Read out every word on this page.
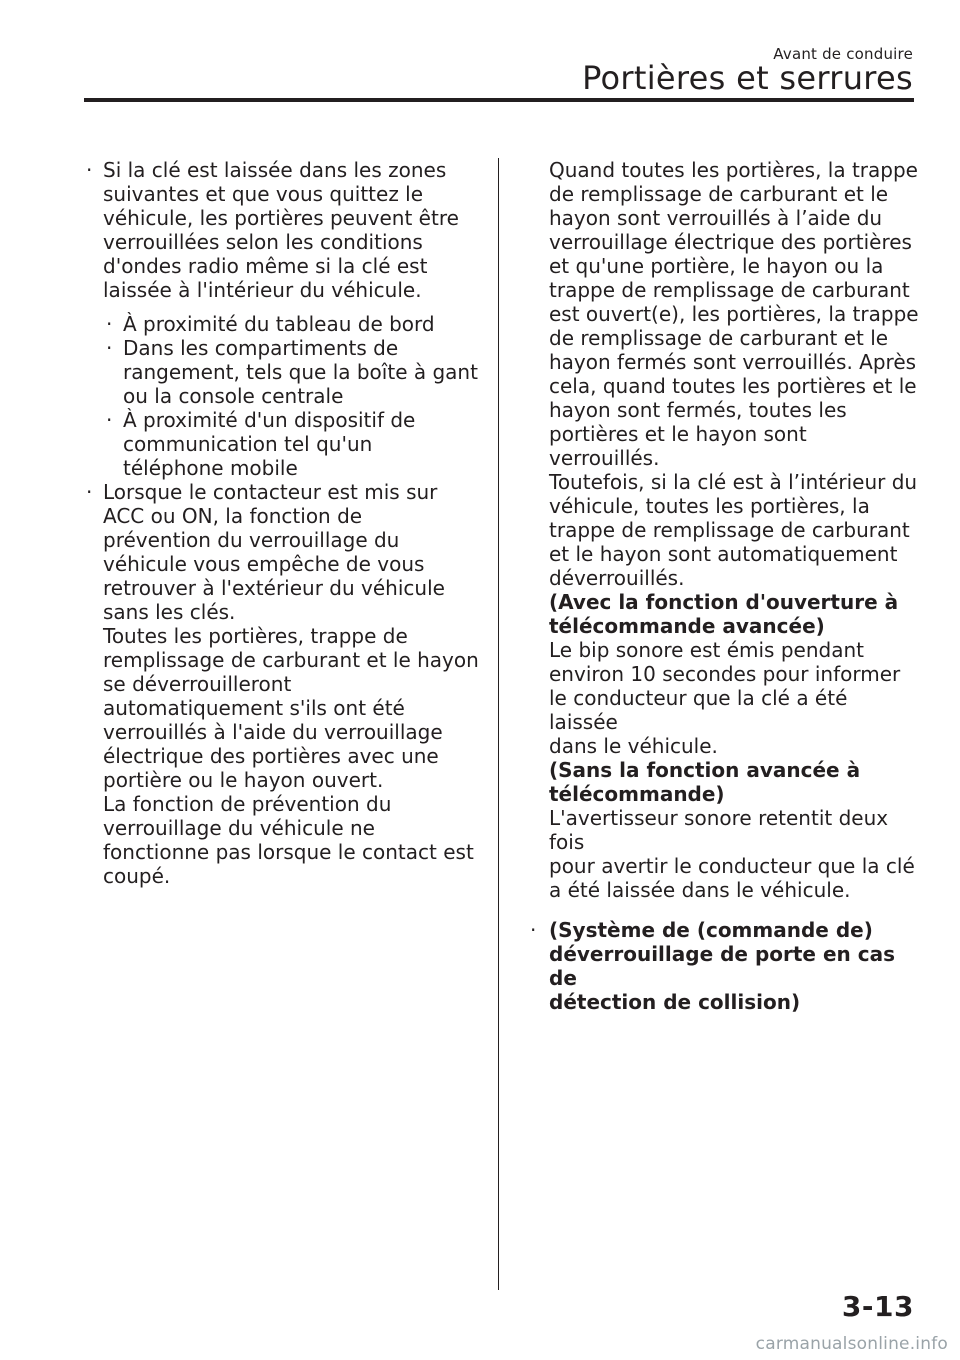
Avant de conduire
Portières et serrures
· Si la clé est laissée dans les zones
suivantes et que vous quittez le
véhicule, les portières peuvent être
verrouillées selon les conditions
d'ondes radio même si la clé est
laissée à l'intérieur du véhicule.
· À proximité du tableau de bord
· Dans les compartiments de
rangement, tels que la boîte à gant
ou la console centrale
· À proximité d'un dispositif de
communication tel qu'un
téléphone mobile
· Lorsque le contacteur est mis sur
ACC ou ON, la fonction de
prévention du verrouillage du
véhicule vous empêche de vous
retrouver à l'extérieur du véhicule
sans les clés.
Toutes les portières, trappe de
remplissage de carburant et le hayon
se déverrouilleront
automatiquement s'ils ont été
verrouillés à l'aide du verrouillage
électrique des portières avec une
portière ou le hayon ouvert.
La fonction de prévention du
verrouillage du véhicule ne
fonctionne pas lorsque le contact est
coupé.
Quand toutes les portières, la trappe
de remplissage de carburant et le
hayon sont verrouillés à l’aide du
verrouillage électrique des portières
et qu'une portière, le hayon ou la
trappe de remplissage de carburant
est ouvert(e), les portières, la trappe
de remplissage de carburant et le
hayon fermés sont verrouillés. Après
cela, quand toutes les portières et le
hayon sont fermés, toutes les
portières et le hayon sont verrouillés.
Toutefois, si la clé est à l’intérieur du
véhicule, toutes les portières, la
trappe de remplissage de carburant
et le hayon sont automatiquement
déverrouillés.
(Avec la fonction d'ouverture à
télécommande avancée)
Le bip sonore est émis pendant
environ 10 secondes pour informer
le conducteur que la clé a été laissée
dans le véhicule.
(Sans la fonction avancée à
télécommande)
L'avertisseur sonore retentit deux fois
pour avertir le conducteur que la clé
a été laissée dans le véhicule.
· (Système de (commande de)
déverrouillage de porte en cas de
détection de collision)
3-13
carmanualsonline.info
